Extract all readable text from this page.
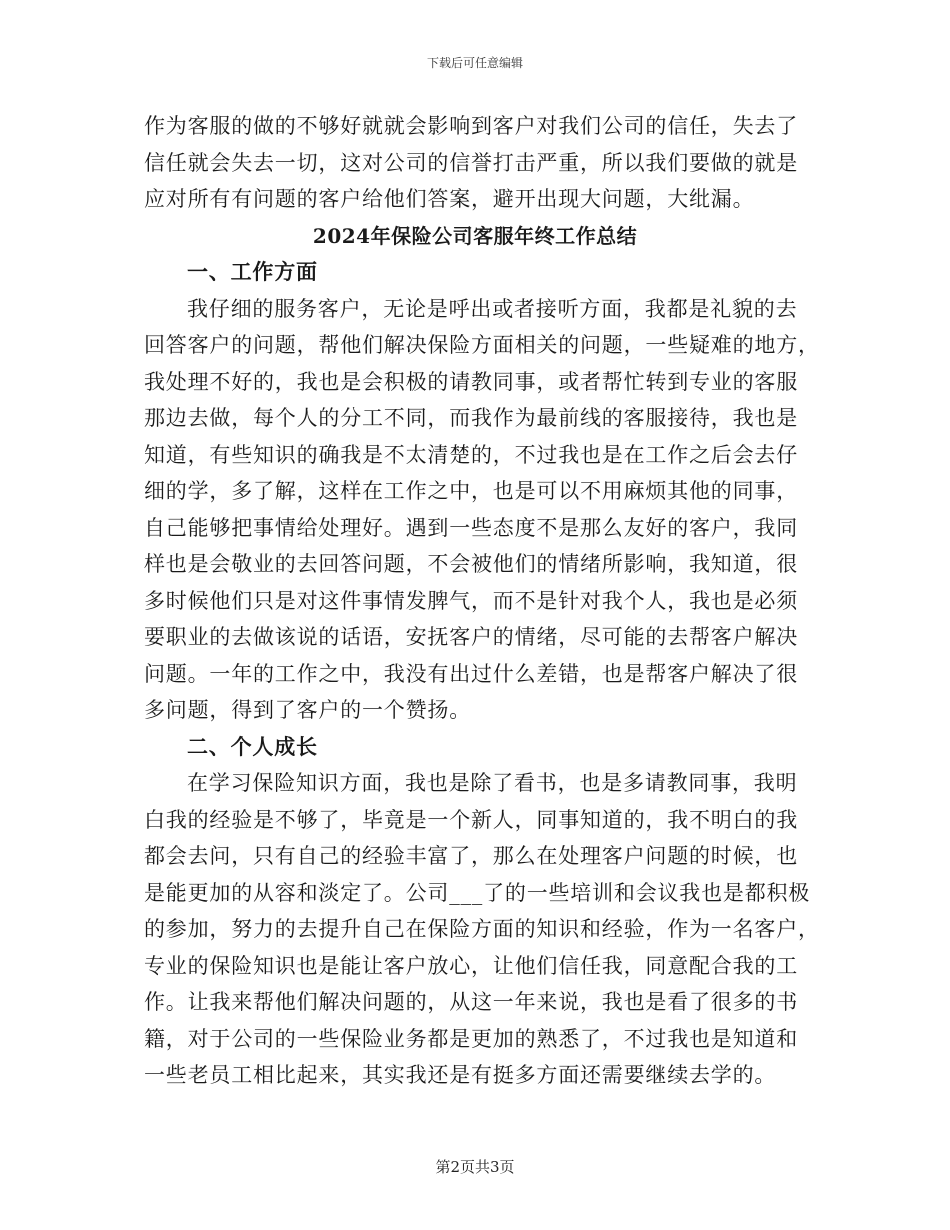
下载后可任意编辑
作为客服的做的不够好就就会影响到客户对我们公司的信任，失去了
信任就会失去一切，这对公司的信誉打击严重，所以我们要做的就是
应对所有有问题的客户给他们答案，避开出现大问题，大纰漏。
2024年保险公司客服年终工作总结
一、工作方面
我仔细的服务客户，无论是呼出或者接听方面，我都是礼貌的去
回答客户的问题，帮他们解决保险方面相关的问题，一些疑难的地方，
我处理不好的，我也是会积极的请教同事，或者帮忙转到专业的客服
那边去做，每个人的分工不同，而我作为最前线的客服接待，我也是
知道，有些知识的确我是不太清楚的，不过我也是在工作之后会去仔
细的学，多了解，这样在工作之中，也是可以不用麻烦其他的同事，
自己能够把事情给处理好。遇到一些态度不是那么友好的客户，我同
样也是会敬业的去回答问题，不会被他们的情绪所影响，我知道，很
多时候他们只是对这件事情发脾气，而不是针对我个人，我也是必须
要职业的去做该说的话语，安抚客户的情绪，尽可能的去帮客户解决
问题。一年的工作之中，我没有出过什么差错，也是帮客户解决了很
多问题，得到了客户的一个赞扬。
二、个人成长
在学习保险知识方面，我也是除了看书，也是多请教同事，我明
白我的经验是不够了，毕竟是一个新人，同事知道的，我不明白的我
都会去问，只有自己的经验丰富了，那么在处理客户问题的时候，也
是能更加的从容和淡定了。公司___了的一些培训和会议我也是都积极
的参加，努力的去提升自己在保险方面的知识和经验，作为一名客户，
专业的保险知识也是能让客户放心，让他们信任我，同意配合我的工
作。让我来帮他们解决问题的，从这一年来说，我也是看了很多的书
籍，对于公司的一些保险业务都是更加的熟悉了，不过我也是知道和
一些老员工相比起来，其实我还是有挺多方面还需要继续去学的。
第2页共3页
